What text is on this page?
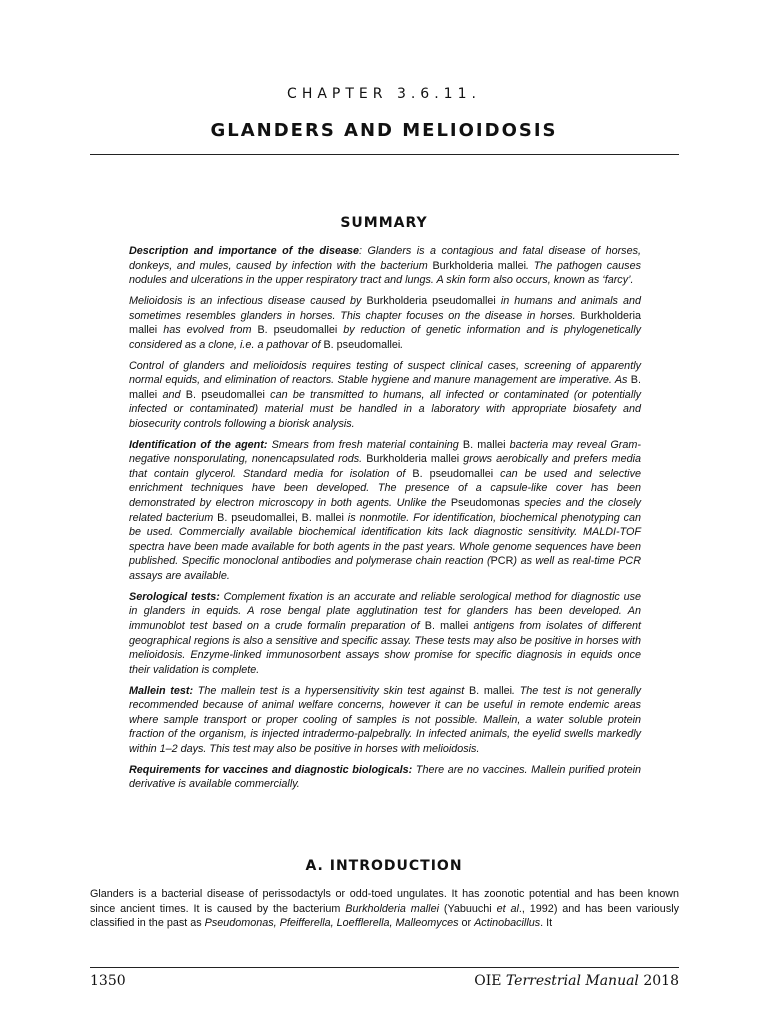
CHAPTER 3.6.11.
GLANDERS AND MELIOIDOSIS
SUMMARY

Description and importance of the disease: Glanders is a contagious and fatal disease of horses, donkeys, and mules, caused by infection with the bacterium Burkholderia mallei. The pathogen causes nodules and ulcerations in the upper respiratory tract and lungs. A skin form also occurs, known as ‘farcy’.

Melioidosis is an infectious disease caused by Burkholderia pseudomallei in humans and animals and sometimes resembles glanders in horses. This chapter focuses on the disease in horses. Burkholderia mallei has evolved from B. pseudomallei by reduction of genetic information and is phylogenetically considered as a clone, i.e. a pathovar of B. pseudomallei.

Control of glanders and melioidosis requires testing of suspect clinical cases, screening of apparently normal equids, and elimination of reactors. Stable hygiene and manure management are imperative. As B. mallei and B. pseudomallei can be transmitted to humans, all infected or contaminated (or potentially infected or contaminated) material must be handled in a laboratory with appropriate biosafety and biosecurity controls following a biorisk analysis.

Identification of the agent: Smears from fresh material containing B. mallei bacteria may reveal Gram-negative nonsporulating, nonencapsulated rods. Burkholderia mallei grows aerobically and prefers media that contain glycerol. Standard media for isolation of B. pseudomallei can be used and selective enrichment techniques have been developed. The presence of a capsule-like cover has been demonstrated by electron microscopy in both agents. Unlike the Pseudomonas species and the closely related bacterium B. pseudomallei, B. mallei is nonmotile. For identification, biochemical phenotyping can be used. Commercially available biochemical identification kits lack diagnostic sensitivity. MALDI-TOF spectra have been made available for both agents in the past years. Whole genome sequences have been published. Specific monoclonal antibodies and polymerase chain reaction (PCR) as well as real-time PCR assays are available.

Serological tests: Complement fixation is an accurate and reliable serological method for diagnostic use in glanders in equids. A rose bengal plate agglutination test for glanders has been developed. An immunoblot test based on a crude formalin preparation of B. mallei antigens from isolates of different geographical regions is also a sensitive and specific assay. These tests may also be positive in horses with melioidosis. Enzyme-linked immunosorbent assays show promise for specific diagnosis in equids once their validation is complete.

Mallein test: The mallein test is a hypersensitivity skin test against B. mallei. The test is not generally recommended because of animal welfare concerns, however it can be useful in remote endemic areas where sample transport or proper cooling of samples is not possible. Mallein, a water soluble protein fraction of the organism, is injected intradermo-palpebrally. In infected animals, the eyelid swells markedly within 1–2 days. This test may also be positive in horses with melioidosis.

Requirements for vaccines and diagnostic biologicals: There are no vaccines. Mallein purified protein derivative is available commercially.

A. INTRODUCTION

Glanders is a bacterial disease of perissodactyls or odd-toed ungulates. It has zoonotic potential and has been known since ancient times. It is caused by the bacterium Burkholderia mallei (Yabuuchi et al., 1992) and has been variously classified in the past as Pseudomonas, Pfeifferella, Loefflerella, Malleomyces or Actinobacillus. It

1350	OIE Terrestrial Manual 2018
